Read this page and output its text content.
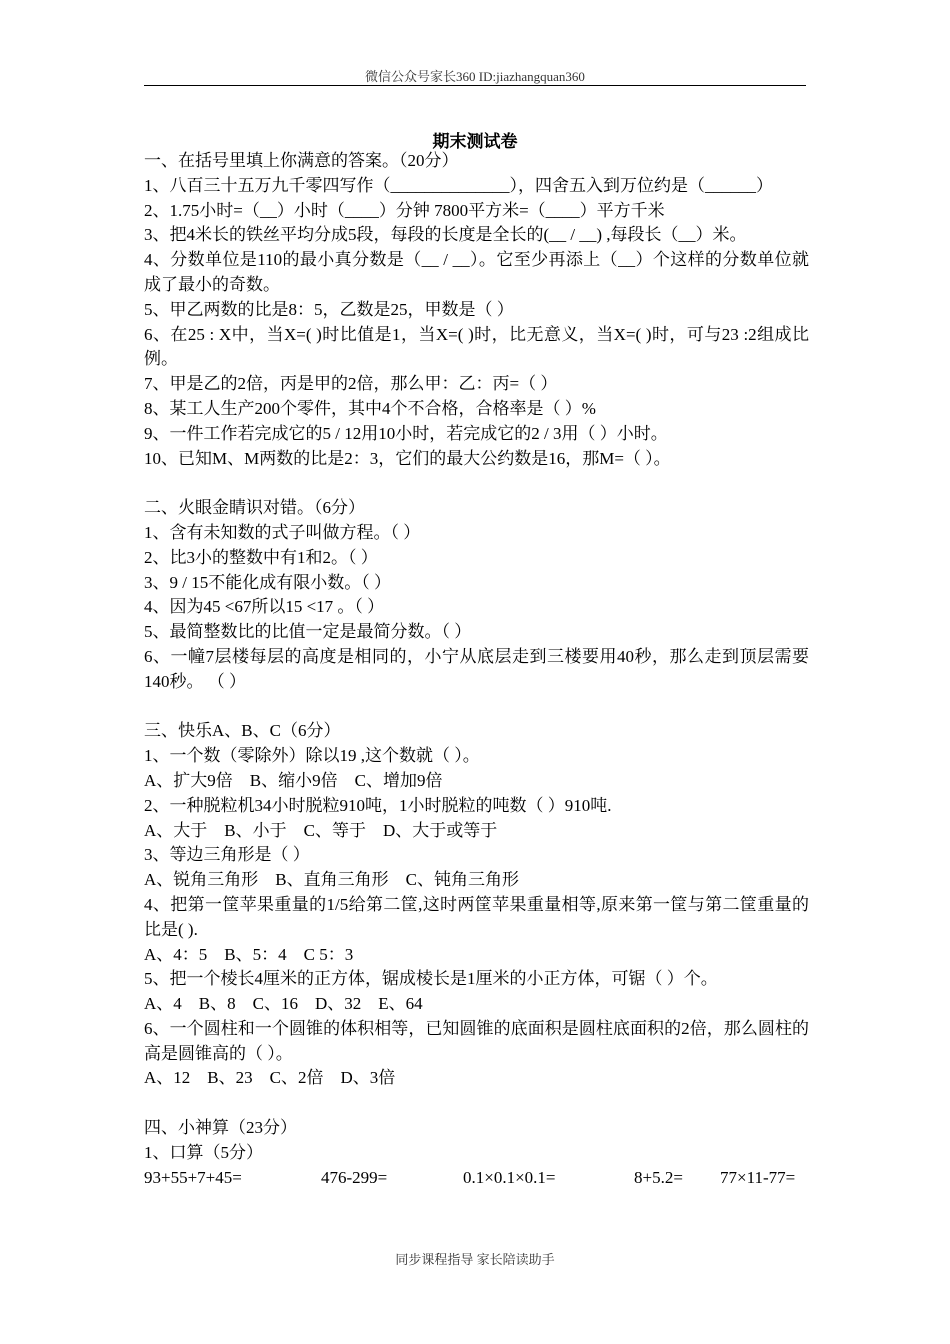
微信公众号家长360 ID:jiazhangquan360
期末测试卷
一、在括号里填上你满意的答案。（20分）
1、八百三十五万九千零四写作（______________），四舍五入到万位约是（______）
2、1.75小时=（__）小时（____）分钟 7800平方米=（____）平方千米
3、把4米长的铁丝平均分成5段，每段的长度是全长的(__ / __) ,每段长（__）米。
4、分数单位是110的最小真分数是（__ / __）。它至少再添上（__）个这样的分数单位就成了最小的奇数。
5、甲乙两数的比是8：5，乙数是25，甲数是（ ）
6、在25 : X中，当X=( )时比值是1，当X=( )时，比无意义，当X=( )时，可与23 :2组成比例。
7、甲是乙的2倍，丙是甲的2倍，那么甲：乙：丙=（ ）
8、某工人生产200个零件，其中4个不合格，合格率是（ ）%
9、一件工作若完成它的5 / 12用10小时，若完成它的2 / 3用（ ）小时。
10、已知M、M两数的比是2：3，它们的最大公约数是16，那M=（ ）。
二、火眼金睛识对错。（6分）
1、含有未知数的式子叫做方程。（ ）
2、比3小的整数中有1和2。（ ）
3、9 / 15不能化成有限小数。（ ）
4、因为45 <67所以15 <17 。（ ）
5、最简整数比的比值一定是最简分数。（ ）
6、一幢7层楼每层的高度是相同的，小宁从底层走到三楼要用40秒，那么走到顶层需要140秒。 （ ）
三、快乐A、B、C（6分）
1、一个数（零除外）除以19 ,这个数就（ ）。
A、扩大9倍　B、缩小9倍　C、增加9倍
2、一种脱粒机34小时脱粒910吨，1小时脱粒的吨数（ ）910吨.
A、大于　B、小于　C、等于　D、大于或等于
3、等边三角形是（ ）
A、锐角三角形　B、直角三角形　C、钝角三角形
4、把第一筐苹果重量的1/5给第二筐,这时两筐苹果重量相等,原来第一筐与第二筐重量的比是( ).
A、4：5　B、5：4　C 5：3
5、把一个棱长4厘米的正方体，锯成棱长是1厘米的小正方体，可锯（ ）个。
A、4　B、8　C、16　D、32　E、64
6、一个圆柱和一个圆锥的体积相等，已知圆锥的底面积是圆柱底面积的2倍，那么圆柱的高是圆锥高的（ ）。
A、12　B、23　C、2倍　D、3倍
四、小神算（23分）
1、口算（5分）
93+55+7+45=	476-299=	0.1×0.1×0.1=	8+5.2= 77×11-77=
同步课程指导 家长陪读助手
